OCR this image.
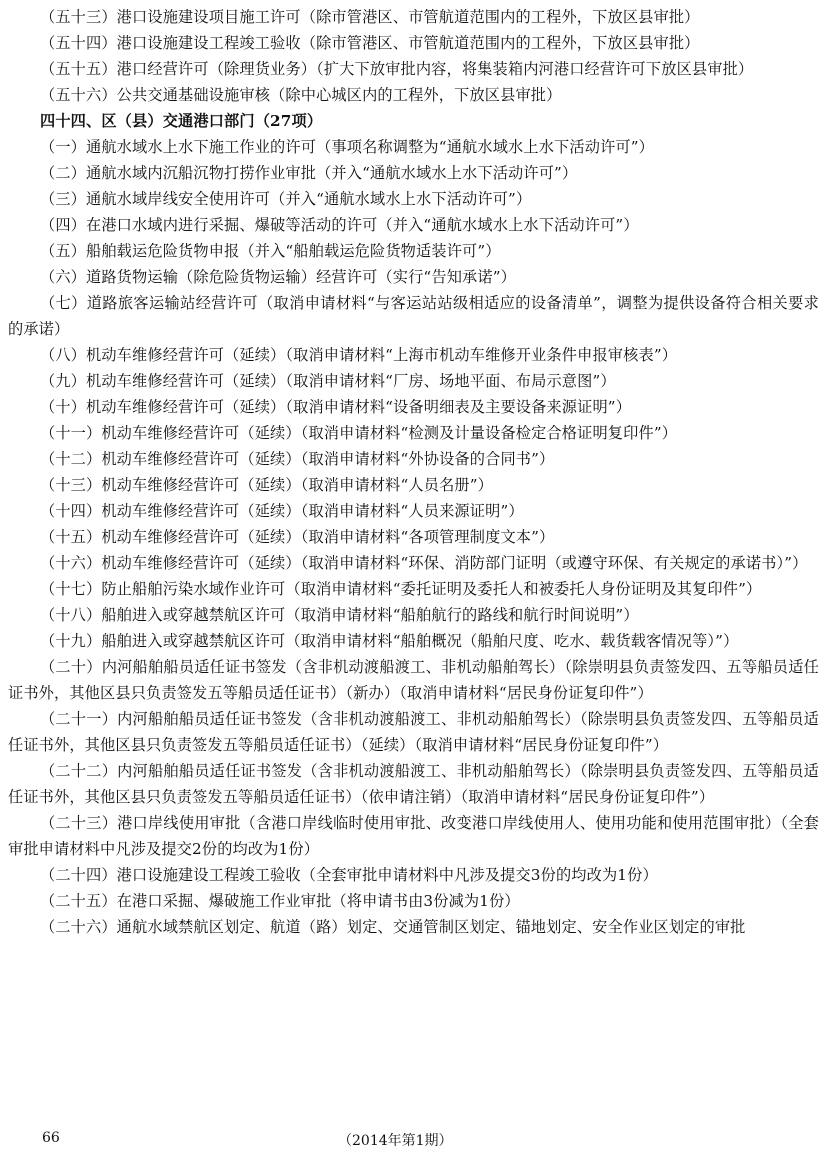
（五十三）港口设施建设项目施工许可（除市管港区、市管航道范围内的工程外，下放区县审批）

（五十四）港口设施建设工程竣工验收（除市管港区、市管航道范围内的工程外，下放区县审批）

（五十五）港口经营许可（除理货业务）（扩大下放审批内容，将集装箱内河港口经营许可下放区县审批）

（五十六）公共交通基础设施审核（除中心城区内的工程外，下放区县审批）

四十四、区（县）交通港口部门（27项）

（一）通航水域水上水下施工作业的许可（事项名称调整为“通航水域水上水下活动许可”）

（二）通航水域内沉船沉物打捞作业审批（并入“通航水域水上水下活动许可”）

（三）通航水域岸线安全使用许可（并入“通航水域水上水下活动许可”）

（四）在港口水域内进行采掘、爆破等活动的许可（并入“通航水域水上水下活动许可”）

（五）船舶载运危险货物申报（并入“船舶载运危险货物适装许可”）

（六）道路货物运输（除危险货物运输）经营许可（实行“告知承诺”）

（七）道路旅客运输站经营许可（取消申请材料“与客运站站级相适应的设备清单”，调整为提供设备符合相关要求的承诺）

（八）机动车维修经营许可（延续）（取消申请材料“上海市机动车维修开业条件申报审核表”）

（九）机动车维修经营许可（延续）（取消申请材料“厂房、场地平面、布局示意图”）

（十）机动车维修经营许可（延续）（取消申请材料“设备明细表及主要设备来源证明”）

（十一）机动车维修经营许可（延续）（取消申请材料“检测及计量设备检定合格证明复印件”）

（十二）机动车维修经营许可（延续）（取消申请材料“外协设备的合同书”）

（十三）机动车维修经营许可（延续）（取消申请材料“人员名册”）

（十四）机动车维修经营许可（延续）（取消申请材料“人员来源证明”）

（十五）机动车维修经营许可（延续）（取消申请材料“各项管理制度文本”）

（十六）机动车维修经营许可（延续）（取消申请材料“环保、消防部门证明（或遵守环保、有关规定的承诺书）”）

（十七）防止船舶污染水域作业许可（取消申请材料“委托证明及委托人和被委托人身份证明及其复印件”）

（十八）船舶进入或穿越禁航区许可（取消申请材料“船舶航行的路线和航行时间说明”）

（十九）船舶进入或穿越禁航区许可（取消申请材料“船舶概况（船舶尺度、吃水、载货载客情况等）”）

（二十）内河船舶船员适任证书签发（含非机动渡船渡工、非机动船舶驾长）（除崇明县负责签发四、五等船员适任证书外，其他区县只负责签发五等船员适任证书）（新办）（取消申请材料“居民身份证复印件”）

（二十一）内河船舶船员适任证书签发（含非机动渡船渡工、非机动船舶驾长）（除崇明县负责签发四、五等船员适任证书外，其他区县只负责签发五等船员适任证书）（延续）（取消申请材料“居民身份证复印件”）

（二十二）内河船舶船员适任证书签发（含非机动渡船渡工、非机动船舶驾长）（除崇明县负责签发四、五等船员适任证书外，其他区县只负责签发五等船员适任证书）（依申请注销）（取消申请材料“居民身份证复印件”）

（二十三）港口岸线使用审批（含港口岸线临时使用审批、改变港口岸线使用人、使用功能和使用范围审批）（全套审批申请材料中凡涉及提交2份的均改为1份）

（二十四）港口设施建设工程竣工验收（全套审批申请材料中凡涉及提交3份的均改为1份）

（二十五）在港口采掘、爆破施工作业审批（将申请书由3份减为1份）

（二十六）通航水域禁航区划定、航道（路）划定、交通管制区划定、锚地划定、安全作业区划定的审批

66	（2014年第1期）
